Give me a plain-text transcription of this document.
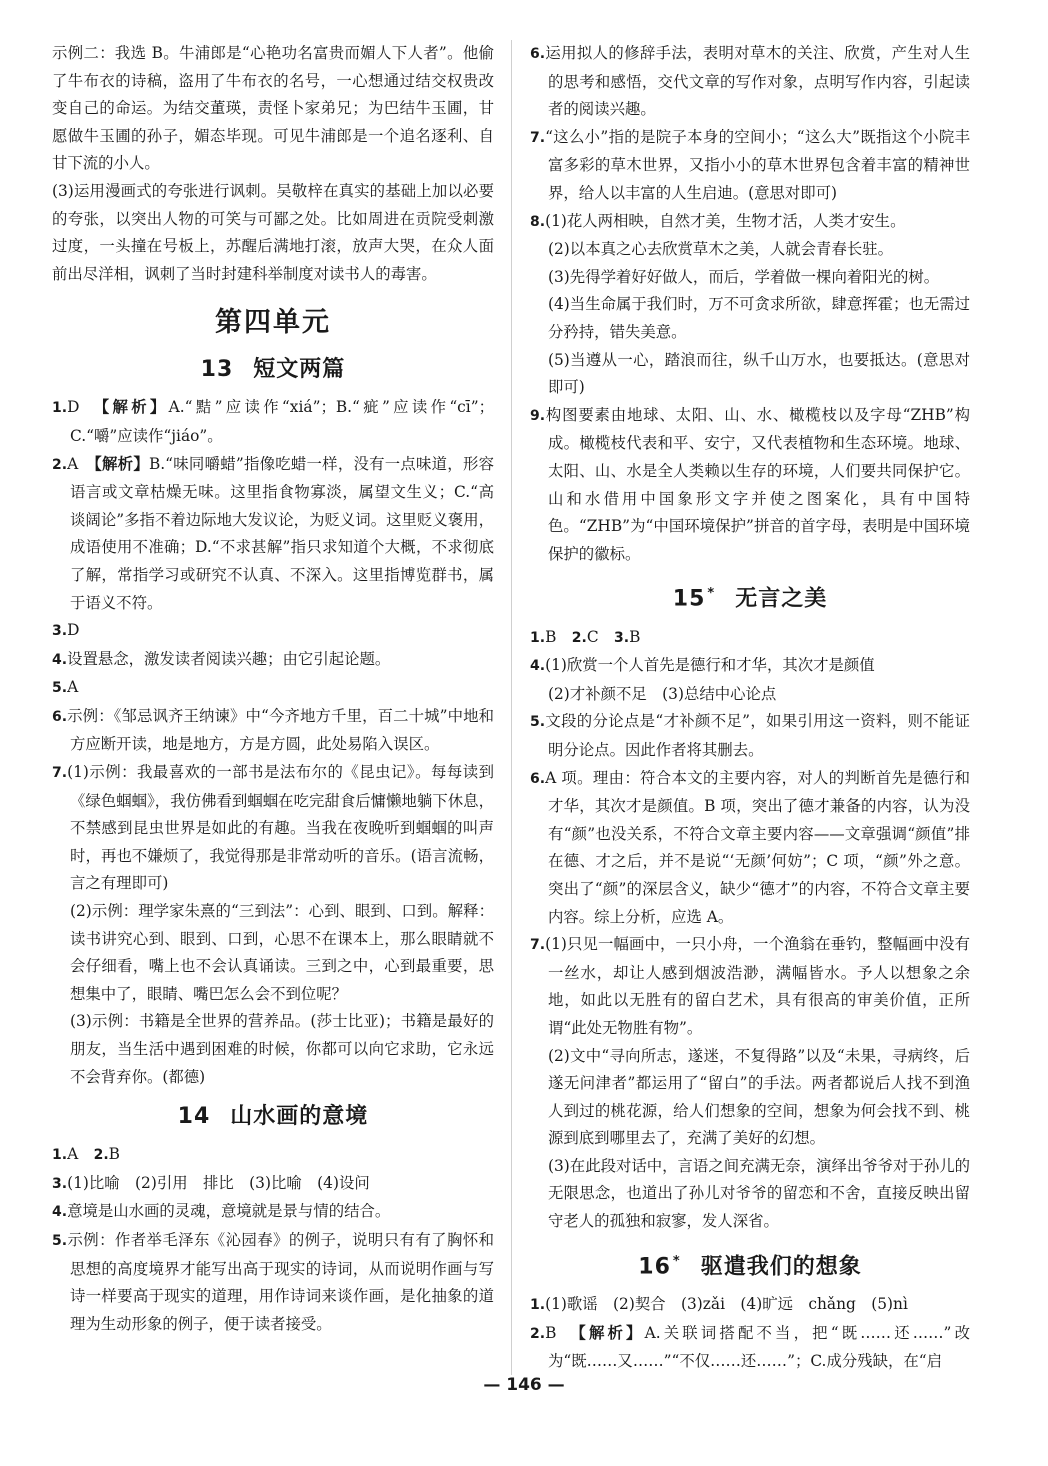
示例二：我选 B。牛浦郎是“心艳功名富贵而媚人下人者”。他偷了牛布衣的诗稿，盗用了牛布衣的名号，一心想通过结交权贵改变自己的命运。为结交董瑛，责怪卜家弟兄；为巴结牛玉圃，甘愿做牛玉圃的孙子，媚态毕现。可见牛浦郎是一个追名逐利、自甘下流的小人。

(3)运用漫画式的夸张进行讽刺。吴敬梓在真实的基础上加以必要的夸张，以突出人物的可笑与可鄙之处。比如周进在贡院受刺激过度，一头撞在号板上，苏醒后满地打滚，放声大哭，在众人面前出尽洋相，讽刺了当时封建科举制度对读书人的毒害。

第四单元
13 短文两篇

1.D　 【解析】A.“黠”应读作“xiá”；B.“疵”应读作“cī”；C.“嚼”应读作“jiáo”。

2.A　 【解析】B.“味同嚼蜡”指像吃蜡一样，没有一点味道，形容语言或文章枯燥无味。这里指食物寡淡，属望文生义；C.“高谈阔论”多指不着边际地大发议论，为贬义词。这里贬义褒用，成语使用不准确；D.“不求甚解”指只求知道个大概，不求彻底了解，常指学习或研究不认真、不深入。这里指博览群书，属于语义不符。

3.D

4.设置悬念，激发读者阅读兴趣；由它引起论题。

5.A

6.示例：《邹忌讽齐王纳谏》中“今齐地方千里，百二十城”中地和方应断开读，地是地方，方是方圆，此处易陷入误区。

7.(1)示例：我最喜欢的一部书是法布尔的《昆虫记》。每每读到《绿色蝈蝈》，我仿佛看到蝈蝈在吃完甜食后慵懒地躺下休息，不禁感到昆虫世界是如此的有趣。当我在夜晚听到蝈蝈的叫声时，再也不嫌烦了，我觉得那是非常动听的音乐。(语言流畅，言之有理即可)

(2)示例：理学家朱熹的“三到法”：心到、眼到、口到。解释：读书讲究心到、眼到、口到，心思不在课本上，那么眼睛就不会仔细看，嘴上也不会认真诵读。三到之中，心到最重要，思想集中了，眼睛、嘴巴怎么会不到位呢？

(3)示例：书籍是全世界的营养品。(莎士比亚)；书籍是最好的朋友，当生活中遇到困难的时候，你都可以向它求助，它永远不会背弃你。(都德)

14 山水画的意境

1.A　2.B

3.(1)比喻　(2)引用　排比　(3)比喻　(4)设问

4.意境是山水画的灵魂，意境就是景与情的结合。

5.示例：作者举毛泽东《沁园春》的例子，说明只有有了胸怀和思想的高度境界才能写出高于现实的诗词，从而说明作画与写诗一样要高于现实的道理，用作诗词来谈作画，是化抽象的道理为生动形象的例子，便于读者接受。

6.运用拟人的修辞手法，表明对草木的关注、欣赏，产生对人生的思考和感悟，交代文章的写作对象，点明写作内容，引起读者的阅读兴趣。

7.“这么小”指的是院子本身的空间小；“这么大”既指这个小院丰富多彩的草木世界，又指小小的草木世界包含着丰富的精神世界，给人以丰富的人生启迪。(意思对即可)

8.(1)花人两相映，自然才美，生物才活，人类才安生。

(2)以本真之心去欣赏草木之美，人就会青春长驻。

(3)先得学着好好做人，而后，学着做一棵向着阳光的树。

(4)当生命属于我们时，万不可贪求所欲，肆意挥霍；也无需过分矜持，错失美意。

(5)当遵从一心，踏浪而往，纵千山万水，也要抵达。(意思对即可)

9.构图要素由地球、太阳、山、水、橄榄枝以及字母“ZHB”构成。橄榄枝代表和平、安宁，又代表植物和生态环境。地球、太阳、山、水是全人类赖以生存的环境，人们要共同保护它。山和水借用中国象形文字并使之图案化，具有中国特色。“ZHB”为“中国环境保护”拼音的首字母，表明是中国环境保护的徽标。

15 * 无言之美

1.B　2.C　3.B

4.(1)欣赏一个人首先是德行和才华，其次才是颜值

(2)才补颜不足　(3)总结中心论点

5.文段的分论点是“才补颜不足”，如果引用这一资料，则不能证明分论点。因此作者将其删去。

6.A 项。理由：符合本文的主要内容，对人的判断首先是德行和才华，其次才是颜值。B 项，突出了德才兼备的内容，认为没有“颜”也没关系，不符合文章主要内容——文章强调“颜值”排在德、才之后，并不是说“‘无颜’何妨”；C 项，“颜”外之意。突出了“颜”的深层含义，缺少“德才”的内容，不符合文章主要内容。综上分析，应选 A。

7.(1)只见一幅画中，一只小舟，一个渔翁在垂钓，整幅画中没有一丝水，却让人感到烟波浩渺，满幅皆水。予人以想象之余地，如此以无胜有的留白艺术，具有很高的审美价值，正所谓“此处无物胜有物”。

(2)文中“寻向所志，遂迷，不复得路”以及“未果，寻病终，后遂无问津者”都运用了“留白”的手法。两者都说后人找不到渔人到过的桃花源，给人们想象的空间，想象为何会找不到、桃源到底到哪里去了，充满了美好的幻想。

(3)在此段对话中，言语之间充满无奈，演绎出爷爷对于孙儿的无限思念，也道出了孙儿对爷爷的留恋和不舍，直接反映出留守老人的孤独和寂寥，发人深省。

16 * 驱遣我们的想象

1.(1)歌谣　(2)契合　(3)zǎi　(4)旷远　chǎng　(5)nì

2.B　 【解析】A.关联词搭配不当，把“既……还……”改为“既……又……”“不仅……还……”；C.成分残缺，在“启

— 146 —
